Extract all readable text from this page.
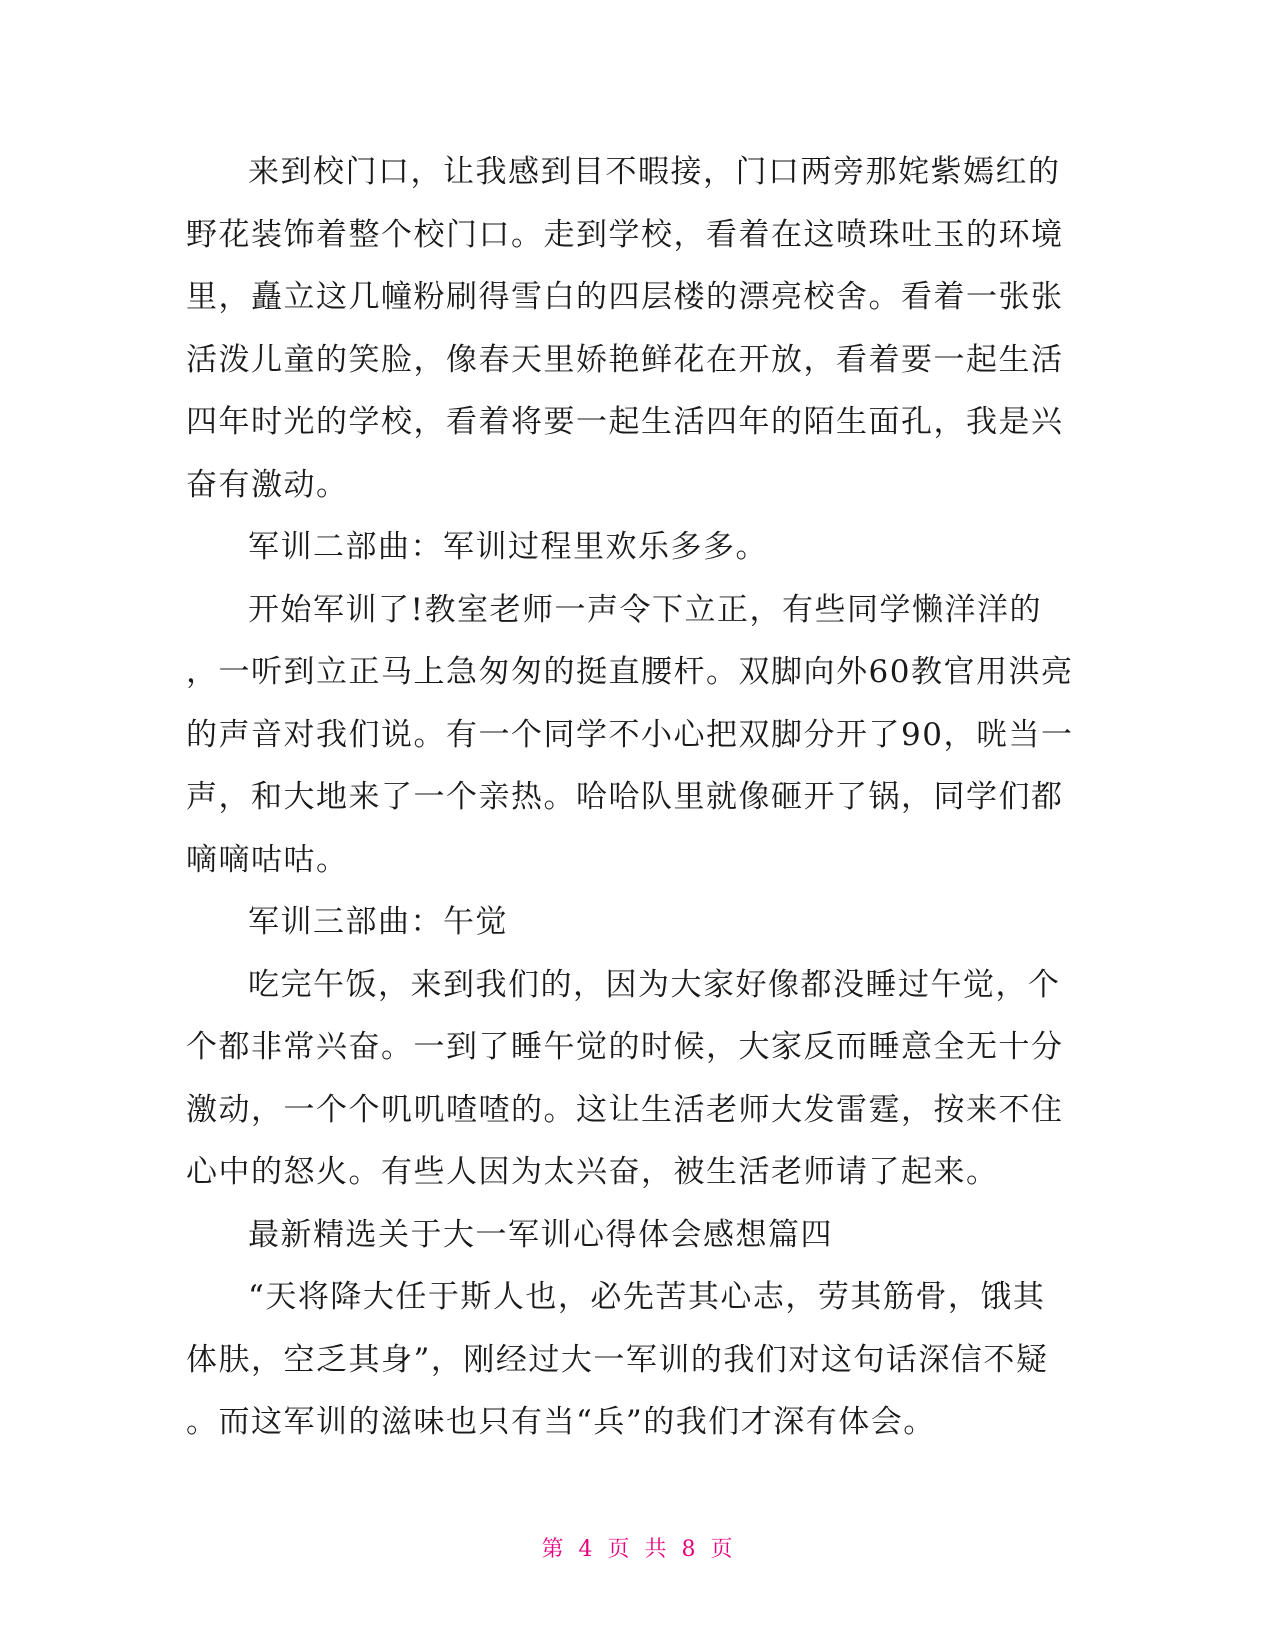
来到校门口，让我感到目不暇接，门口两旁那姹紫嫣红的
野花装饰着整个校门口。走到学校，看着在这喷珠吐玉的环境
里，矗立这几幢粉刷得雪白的四层楼的漂亮校舍。看着一张张
活泼儿童的笑脸，像春天里娇艳鲜花在开放，看着要一起生活
四年时光的学校，看着将要一起生活四年的陌生面孔，我是兴
奋有激动。
军训二部曲：军训过程里欢乐多多。
开始军训了!教室老师一声令下立正，有些同学懒洋洋的
，一听到立正马上急匆匆的挺直腰杆。双脚向外60教官用洪亮
的声音对我们说。有一个同学不小心把双脚分开了90，咣当一
声，和大地来了一个亲热。哈哈队里就像砸开了锅，同学们都
嘀嘀咕咕。
军训三部曲：午觉
吃完午饭，来到我们的，因为大家好像都没睡过午觉，个
个都非常兴奋。一到了睡午觉的时候，大家反而睡意全无十分
激动，一个个叽叽喳喳的。这让生活老师大发雷霆，按来不住
心中的怒火。有些人因为太兴奋，被生活老师请了起来。
最新精选关于大一军训心得体会感想篇四
“天将降大任于斯人也，必先苦其心志，劳其筋骨，饿其
体肤，空乏其身”，刚经过大一军训的我们对这句话深信不疑
。而这军训的滋味也只有当“兵”的我们才深有体会。
第 4 页 共 8 页
